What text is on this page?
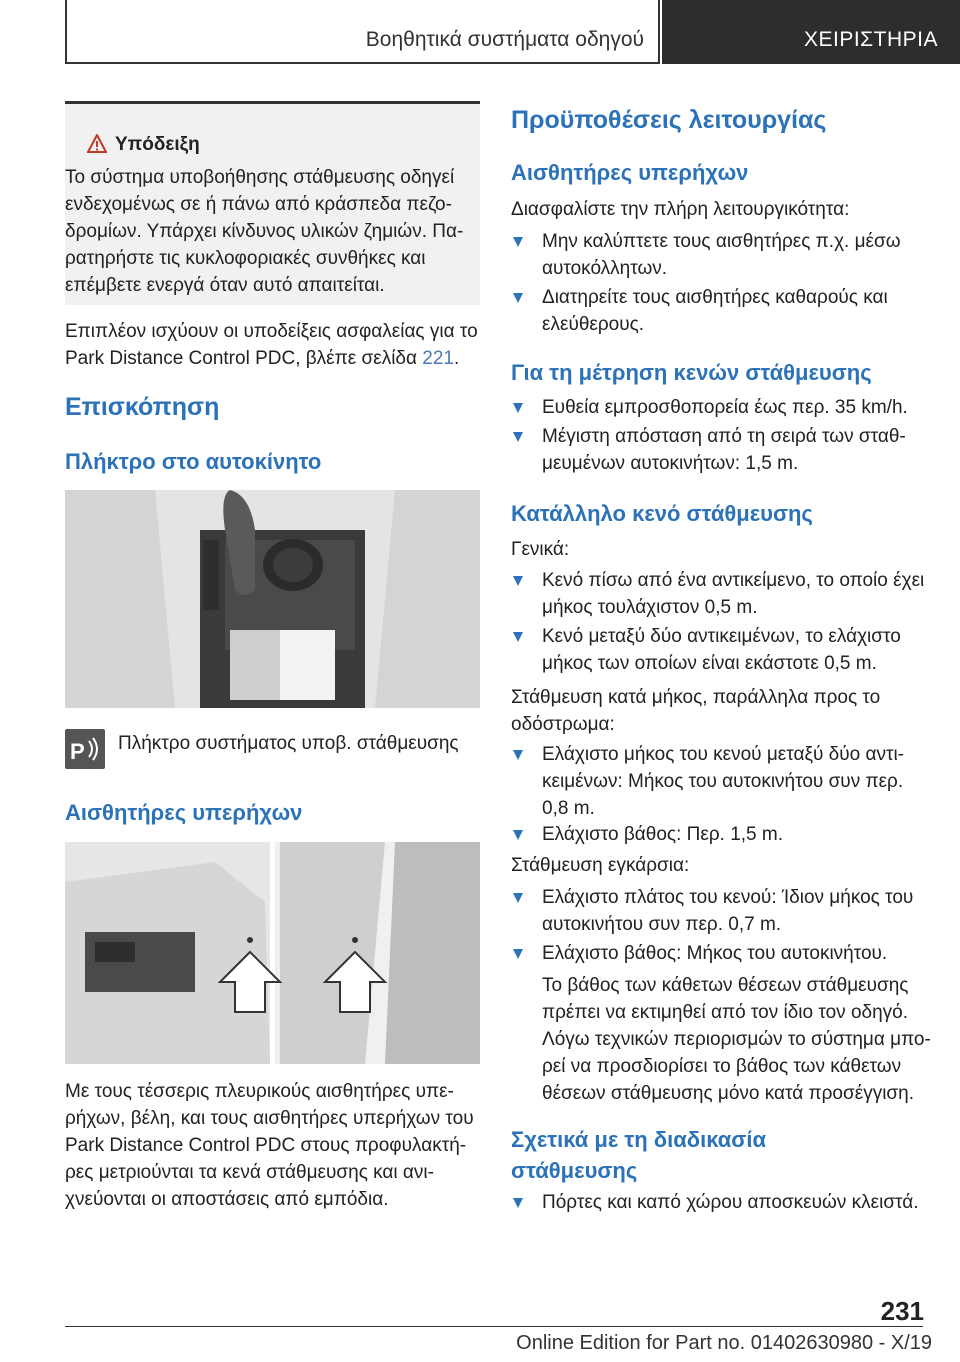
Βοηθητικά συστήματα οδηγού	ΧΕΙΡΙΣΤΗΡΙΑ
Υπόδειξη
Το σύστημα υποβοήθησης στάθμευσης οδηγεί
ενδεχομένως σε ή πάνω από κράσπεδα πεζο-
δρομίων. Υπάρχει κίνδυνος υλικών ζημιών. Πα-
ρατηρήστε τις κυκλοφοριακές συνθήκες και
επέμβετε ενεργά όταν αυτό απαιτείται.
Επιπλέον ισχύουν οι υποδείξεις ασφαλείας για το
Park Distance Control PDC, βλέπε σελίδα 221.
Επισκόπηση
Πλήκτρο στο αυτοκίνητο
P Πλήκτρο συστήματος υποβ. στάθμευσης
Αισθητήρες υπερήχων
Με τους τέσσερις πλευρικούς αισθητήρες υπε-
ρήχων, βέλη, και τους αισθητήρες υπερήχων του
Park Distance Control PDC στους προφυλακτή-
ρες μετριούνται τα κενά στάθμευσης και ανι-
χνεύονται οι αποστάσεις από εμπόδια.
Προϋποθέσεις λειτουργίας
Αισθητήρες υπερήχων
Διασφαλίστε την πλήρη λειτουργικότητα:
Μην καλύπτετε τους αισθητήρες π.χ. μέσω
αυτοκόλλητων.
Διατηρείτε τους αισθητήρες καθαρούς και
ελεύθερους.
Για τη μέτρηση κενών στάθμευσης
Ευθεία εμπροσθοπορεία έως περ. 35 km/h.
Μέγιστη απόσταση από τη σειρά των σταθ-
μευμένων αυτοκινήτων: 1,5 m.
Κατάλληλο κενό στάθμευσης
Γενικά:
Κενό πίσω από ένα αντικείμενο, το οποίο έχει
μήκος τουλάχιστον 0,5 m.
Κενό μεταξύ δύο αντικειμένων, το ελάχιστο
μήκος των οποίων είναι εκάστοτε 0,5 m.
Στάθμευση κατά μήκος, παράλληλα προς το
οδόστρωμα:
Ελάχιστο μήκος του κενού μεταξύ δύο αντι-
κειμένων: Μήκος του αυτοκινήτου συν περ.
0,8 m.
Ελάχιστο βάθος: Περ. 1,5 m.
Στάθμευση εγκάρσια:
Ελάχιστο πλάτος του κενού: Ίδιον μήκος του
αυτοκινήτου συν περ. 0,7 m.
Ελάχιστο βάθος: Μήκος του αυτοκινήτου.
Το βάθος των κάθετων θέσεων στάθμευσης
πρέπει να εκτιμηθεί από τον ίδιο τον οδηγό.
Λόγω τεχνικών περιορισμών το σύστημα μπο-
ρεί να προσδιορίσει το βάθος των κάθετων
θέσεων στάθμευσης μόνο κατά προσέγγιση.
Σχετικά με τη διαδικασία
στάθμευσης
Πόρτες και καπό χώρου αποσκευών κλειστά.
231
Online Edition for Part no. 01402630980 - X/19
